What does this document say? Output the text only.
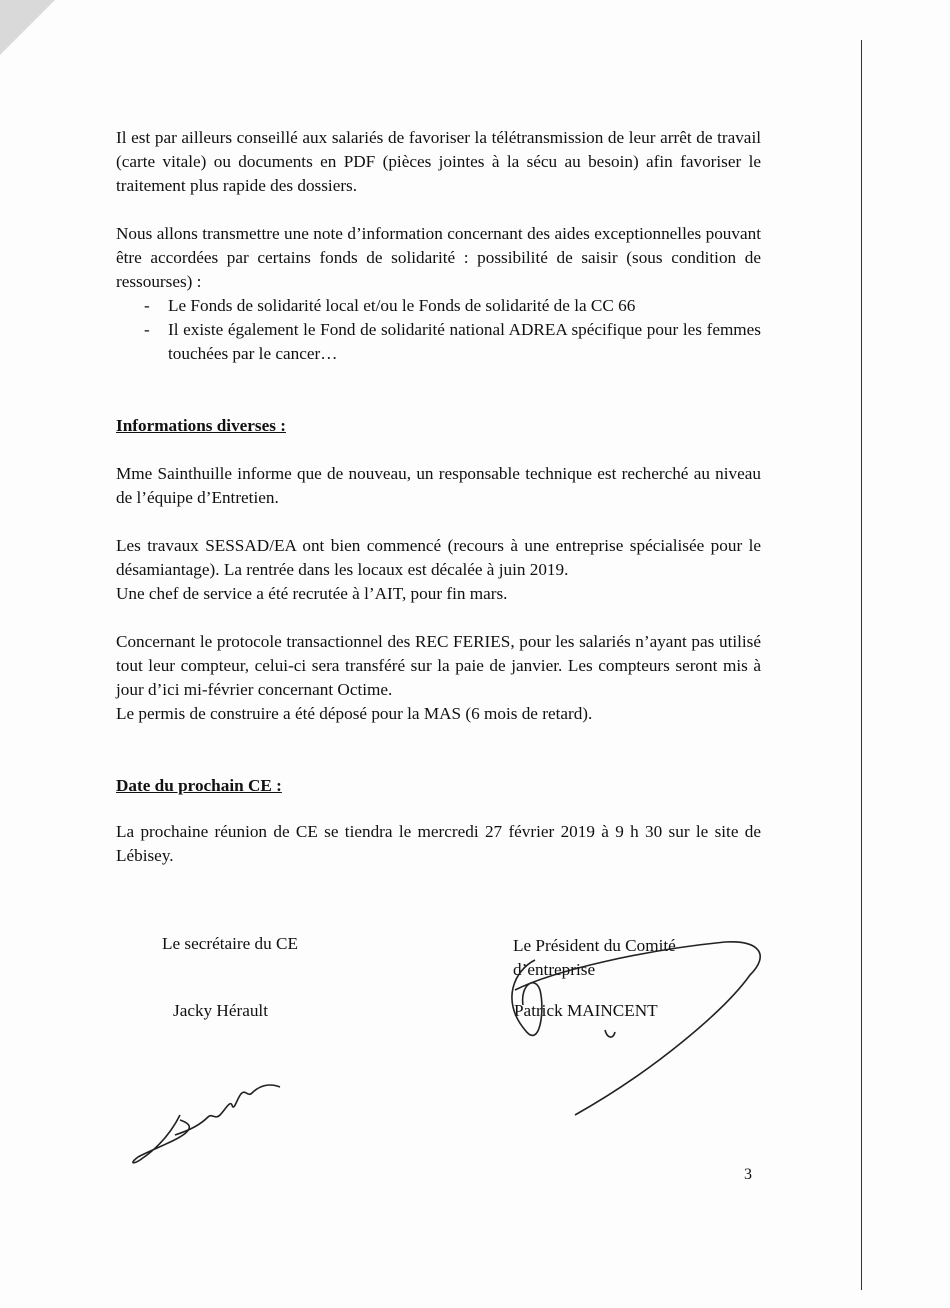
Il est par ailleurs conseillé aux salariés de favoriser la télétransmission de leur arrêt de travail (carte vitale) ou documents en PDF (pièces jointes à la sécu au besoin) afin favoriser le traitement plus rapide des dossiers.

Nous allons transmettre une note d’information concernant des aides exceptionnelles pouvant être accordées par certains fonds de solidarité : possibilité de saisir (sous condition de ressourses) :

- Le Fonds de solidarité local et/ou le Fonds de solidarité de la CC 66
- Il existe également le Fond de solidarité national ADREA spécifique pour les femmes touchées par le cancer…

Informations diverses :

Mme Sainthuille informe que de nouveau, un responsable technique est recherché au niveau de l’équipe d’Entretien.

Les travaux SESSAD/EA ont bien commencé (recours à une entreprise spécialisée pour le désamiantage). La rentrée dans les locaux est décalée à juin 2019.

Une chef de service a été recrutée à l’AIT, pour fin mars.

Concernant le protocole transactionnel des REC FERIES, pour les salariés n’ayant pas utilisé tout leur compteur, celui-ci sera transféré sur la paie de janvier. Les compteurs seront mis à jour d’ici mi-février concernant Octime.

Le permis de construire a été déposé pour la MAS (6 mois de retard).

Date du prochain CE :

La prochaine réunion de CE se tiendra le mercredi 27 février 2019 à 9 h 30 sur le site de Lébisey.

Le secrétaire du CE	Le Président du Comité
d’entreprise
Jacky Hérault	Patrick MAINCENT
Jherault
3
